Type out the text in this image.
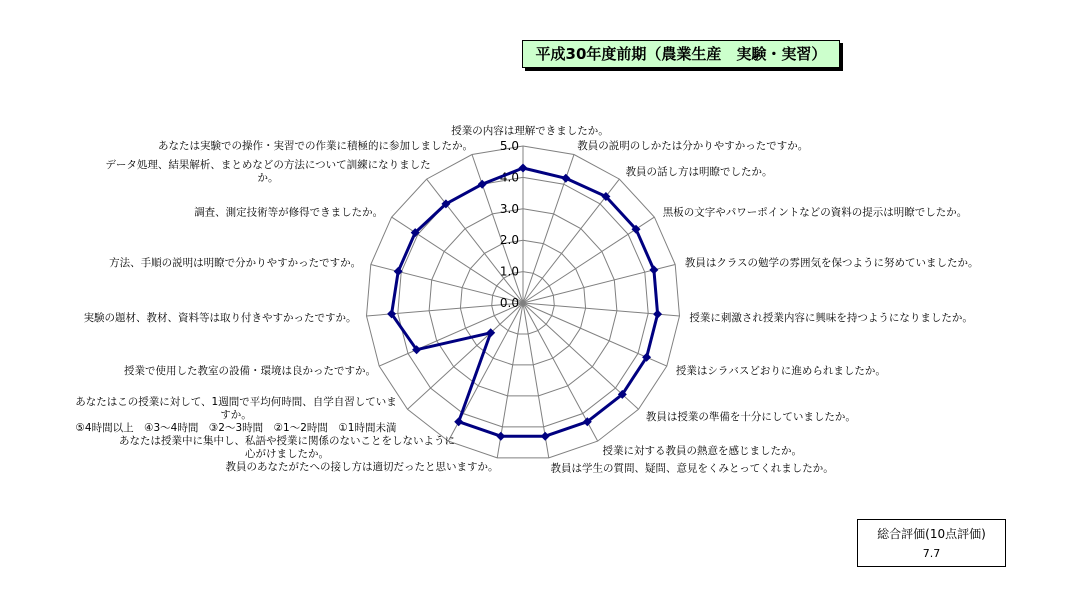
平成30年度前期（農業生産　実験・実習）
0.0
1.0
2.0
3.0
4.0
5.0
授業の内容は理解できましたか。
教員の説明のしかたは分かりやすかったですか。
教員の話し方は明瞭でしたか。
黒板の文字やパワーポイントなどの資料の提示は明瞭でしたか。
教員はクラスの勉学の雰囲気を保つように努めていましたか。
授業に刺激され授業内容に興味を持つようになりましたか。
授業はシラバスどおりに進められましたか。
教員は授業の準備を十分にしていましたか。
授業に対する教員の熱意を感じましたか。
教員は学生の質問、疑問、意見をくみとってくれましたか。
教員のあなたがたへの接し方は適切だったと思いますか。
あなたは授業中に集中し、私語や授業に関係のないことをしないように心がけましたか。
あなたはこの授業に対して、1週間で平均何時間、自学自習していますか。 ⑤4時間以上　④3～4時間　③2～3時間　②1～2時間　①1時間未満
授業で使用した教室の設備・環境は良かったですか。
実験の題材、教材、資料等は取り付きやすかったですか。
方法、手順の説明は明瞭で分かりやすかったですか。
調査、測定技術等が修得できましたか。
データ処理、結果解析、まとめなどの方法について訓練になりましたか。
あなたは実験での操作・実習での作業に積極的に参加しましたか。
総合評価(10点評価)
7.7
